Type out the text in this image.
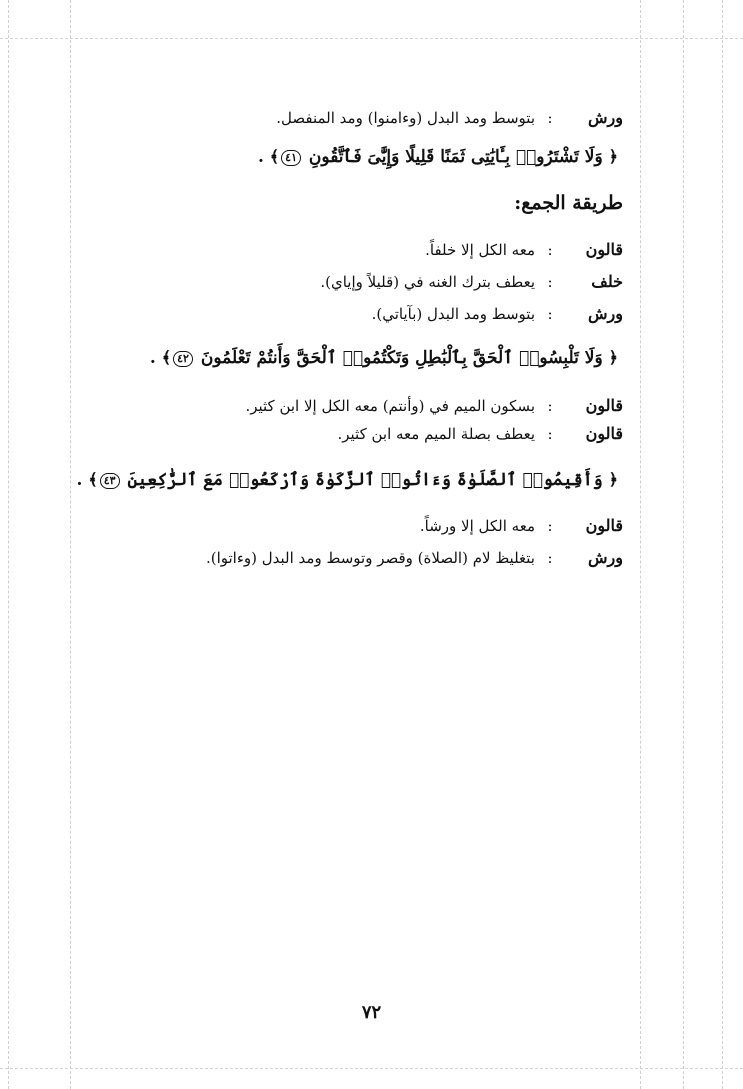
ورش:بتوسط ومد البدل (وءامنوا) ومد المنفصل.
﴿ وَلَا تَشْتَرُوا۟ بِـَٔايَٰتِى ثَمَنًا قَلِيلًا وَإِيَّٰىَ فَٱتَّقُونِ ٤١﴾ .
طريقة الجمع:
قالون:معه الكل إلا خلفاً.
خلف:يعطف بترك الغنه في (قليلاً وإياي).
ورش:بتوسط ومد البدل (بآياتي).
﴿ وَلَا تَلْبِسُوا۟ ٱلْحَقَّ بِٱلْبَٰطِلِ وَتَكْتُمُوا۟ ٱلْحَقَّ وَأَنتُمْ تَعْلَمُونَ ٤٢﴾ .
قالون:بسكون الميم في (وأنتم) معه الكل إلا ابن كثير.
قالون:يعطف بصلة الميم معه ابن كثير.
﴿ وَأَقِيمُوا۟ ٱلصَّلَوٰةَ وَءَاتُوا۟ ٱلزَّكَوٰةَ وَٱرْكَعُوا۟ مَعَ ٱلرَّٰكِعِينَ ٤٣﴾ .
قالون:معه الكل إلا ورشاً.
ورش:بتغليظ لام (الصلاة) وقصر وتوسط ومد البدل (وءاتوا).
٧٢
